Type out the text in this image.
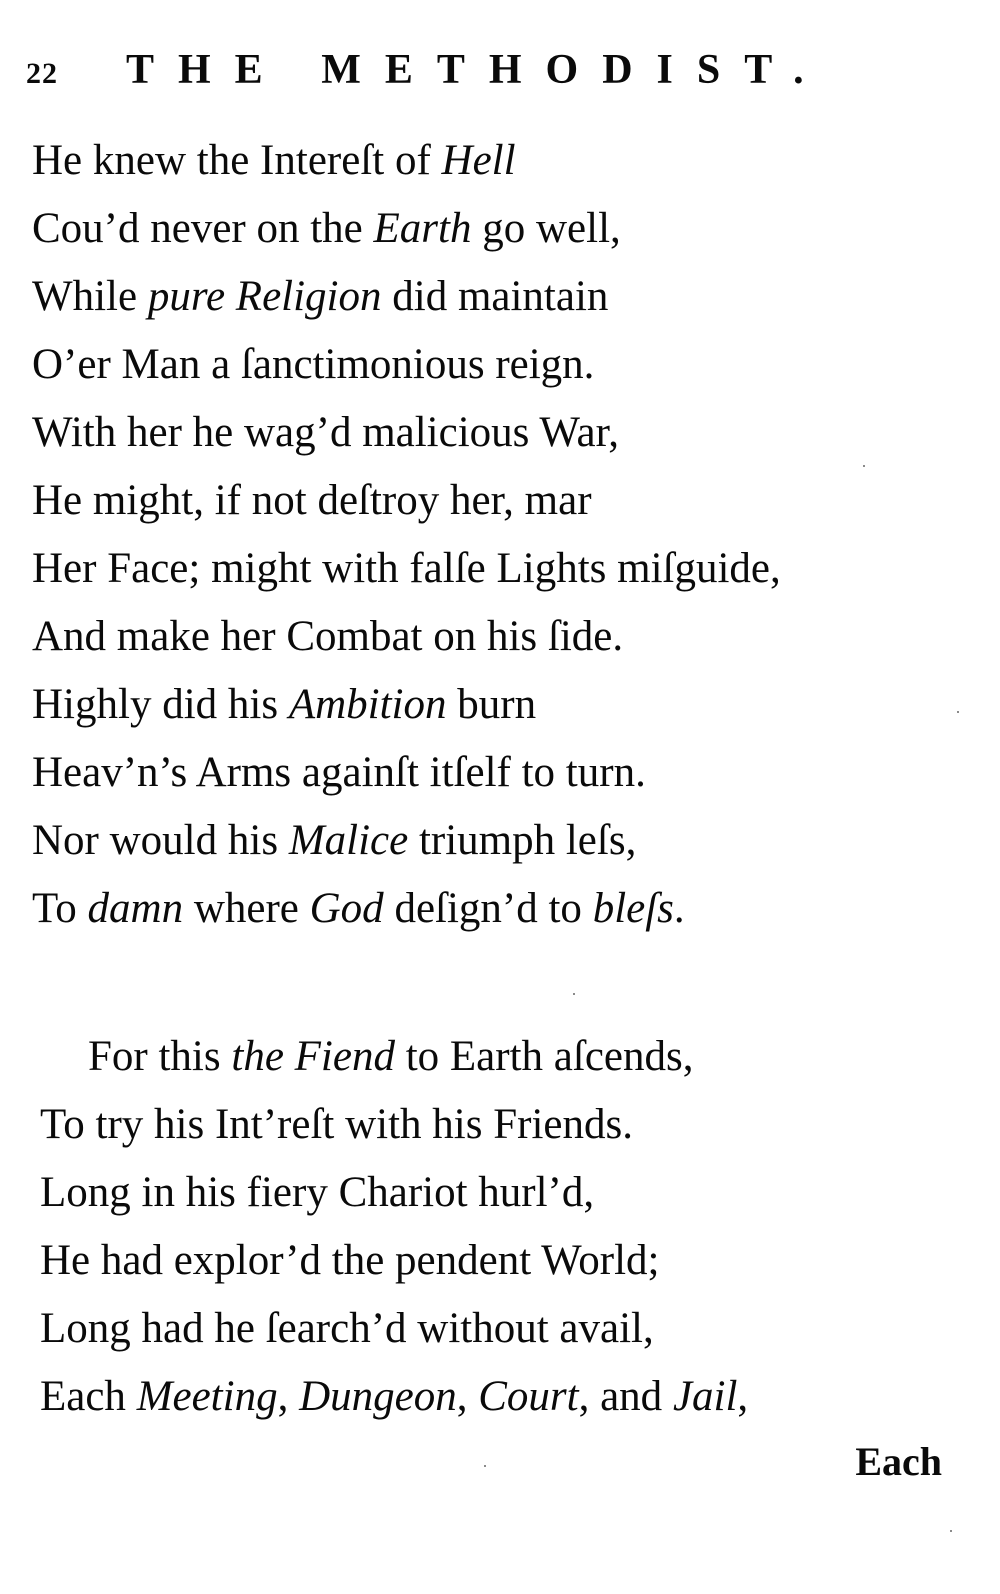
22	THE METHODIST.
He knew the Intereſt of Hell
Cou’d never on the Earth go well,
While pure Religion did maintain
O’er Man a ſanctimonious reign.
With her he wag’d malicious War,
He might, if not deſtroy her, mar
Her Face; might with falſe Lights miſguide,
And make her Combat on his ſide.
Highly did his Ambition burn
Heav’n’s Arms againſt itſelf to turn.
Nor would his Malice triumph leſs,
To damn where God deſign’d to bleſs.
For this the Fiend to Earth aſcends,
To try his Int’reſt with his Friends.
Long in his fiery Chariot hurl’d,
He had explor’d the pendent World;
Long had he ſearch’d without avail,
Each Meeting, Dungeon, Court, and Jail,
Each
